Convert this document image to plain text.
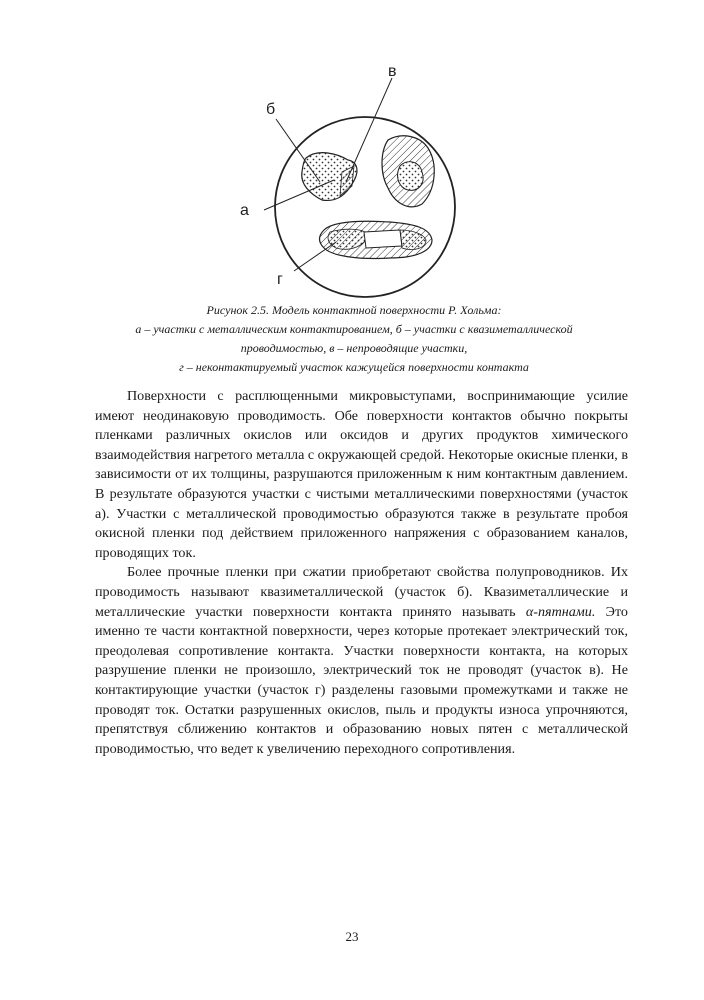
б
в
а
г
Рисунок 2.5. Модель контактной поверхности Р. Хольма:
а – участки с металлическим контактированием, б – участки с квазиметаллической
проводимостью, в – непроводящие участки,
г – неконтактируемый участок кажущейся поверхности контакта

Поверхности с расплющенными микровыступами, воспринимающие усилие имеют неодинаковую проводимость. Обе поверхности контактов обычно покрыты пленками различных окислов или оксидов и других продуктов химического взаимодействия нагретого металла с окружающей средой. Некоторые окисные пленки, в зависимости от их толщины, разрушаются приложенным к ним контактным давлением. В результате образуются участки с чистыми металлическими поверхностями (участок а). Участки с металлической проводимостью образуются также в результате пробоя окисной пленки под действием приложенного напряжения с образованием каналов, проводящих ток.

Более прочные пленки при сжатии приобретают свойства полупроводников. Их проводимость называют квазиметаллической (участок б). Квазиметаллические и металлические участки поверхности контакта принято называть α-пятнами. Это именно те части контактной поверхности, через которые протекает электрический ток, преодолевая сопротивление контакта. Участки поверхности контакта, на которых разрушение пленки не произошло, электрический ток не проводят (участок в). Не контактирующие участки (участок г) разделены газовыми промежутками и также не проводят ток. Остатки разрушенных окислов, пыль и продукты износа упрочняются, препятствуя сближению контактов и образованию новых пятен с металлической проводимостью, что ведет к увеличению переходного сопротивления.

23
